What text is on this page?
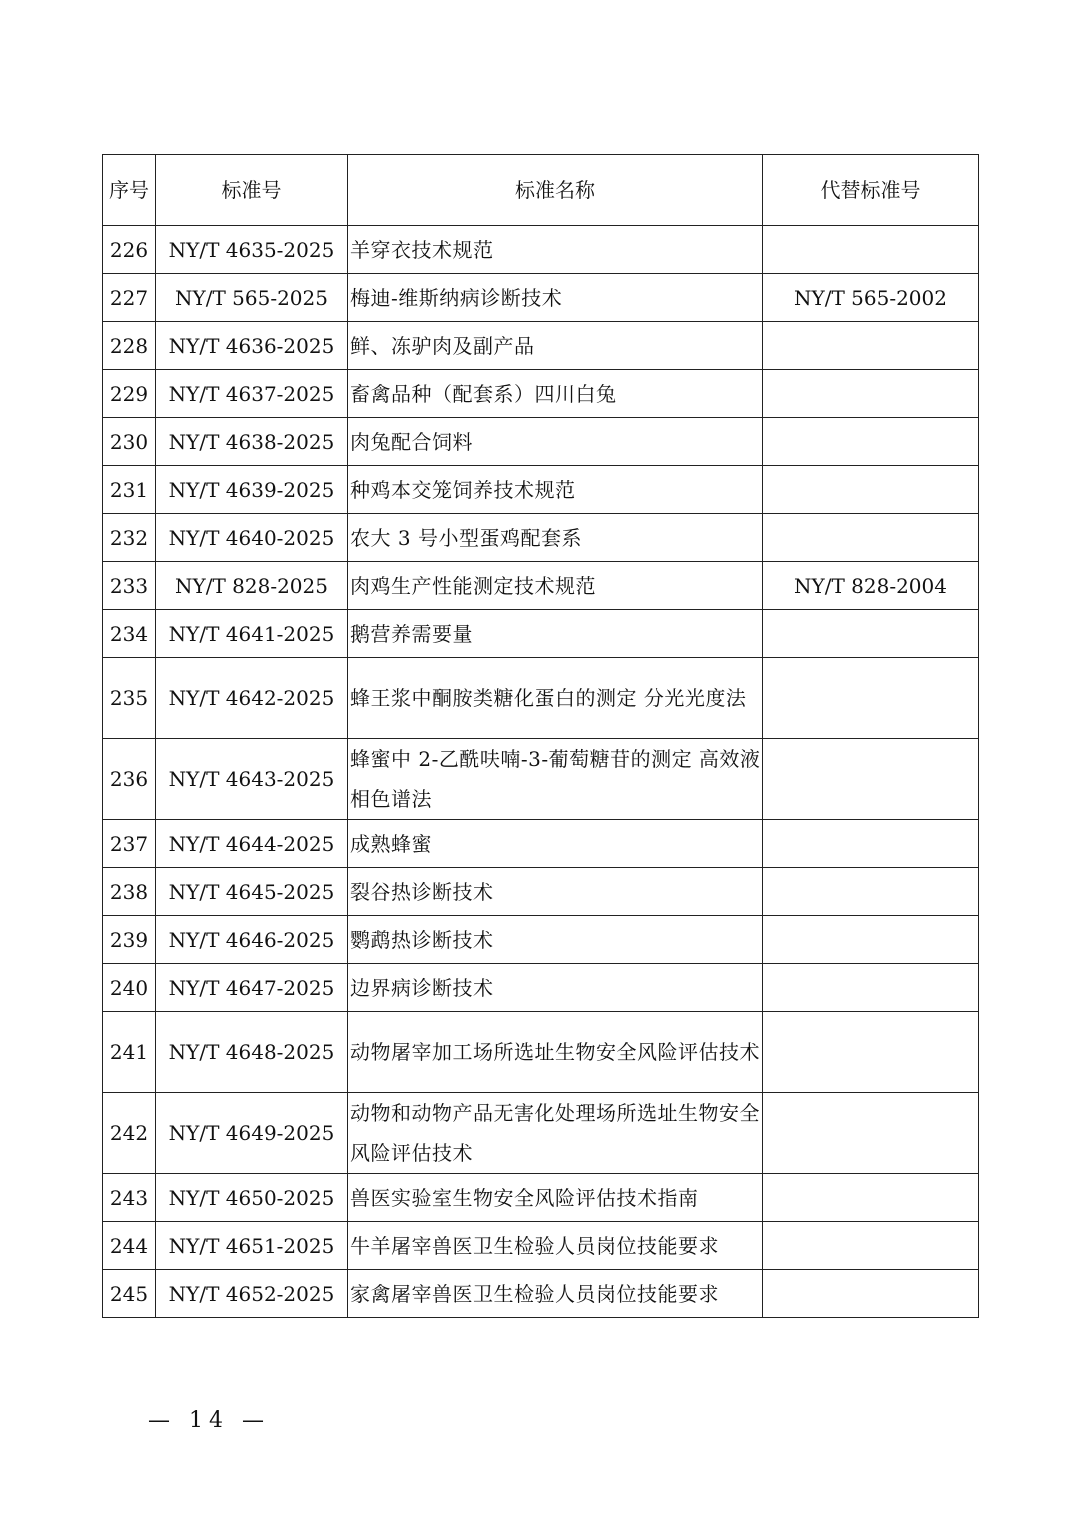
序号	标准号	标准名称	代替标准号
226	NY/T 4635-2025	羊穿衣技术规范	
227	NY/T 565-2025	梅迪-维斯纳病诊断技术	NY/T 565-2002
228	NY/T 4636-2025	鲜、冻驴肉及副产品	
229	NY/T 4637-2025	畜禽品种（配套系）四川白兔	
230	NY/T 4638-2025	肉兔配合饲料	
231	NY/T 4639-2025	种鸡本交笼饲养技术规范	
232	NY/T 4640-2025	农大 3 号小型蛋鸡配套系	
233	NY/T 828-2025	肉鸡生产性能测定技术规范	NY/T 828-2004
234	NY/T 4641-2025	鹅营养需要量	
235	NY/T 4642-2025	蜂王浆中酮胺类糖化蛋白的测定 分光光度法	
236	NY/T 4643-2025	蜂蜜中 2-乙酰呋喃-3-葡萄糖苷的测定 高效液相色谱法	
237	NY/T 4644-2025	成熟蜂蜜	
238	NY/T 4645-2025	裂谷热诊断技术	
239	NY/T 4646-2025	鹦鹉热诊断技术	
240	NY/T 4647-2025	边界病诊断技术	
241	NY/T 4648-2025	动物屠宰加工场所选址生物安全风险评估技术	
242	NY/T 4649-2025	动物和动物产品无害化处理场所选址生物安全风险评估技术	
243	NY/T 4650-2025	兽医实验室生物安全风险评估技术指南	
244	NY/T 4651-2025	牛羊屠宰兽医卫生检验人员岗位技能要求	
245	NY/T 4652-2025	家禽屠宰兽医卫生检验人员岗位技能要求	
— 14 —
